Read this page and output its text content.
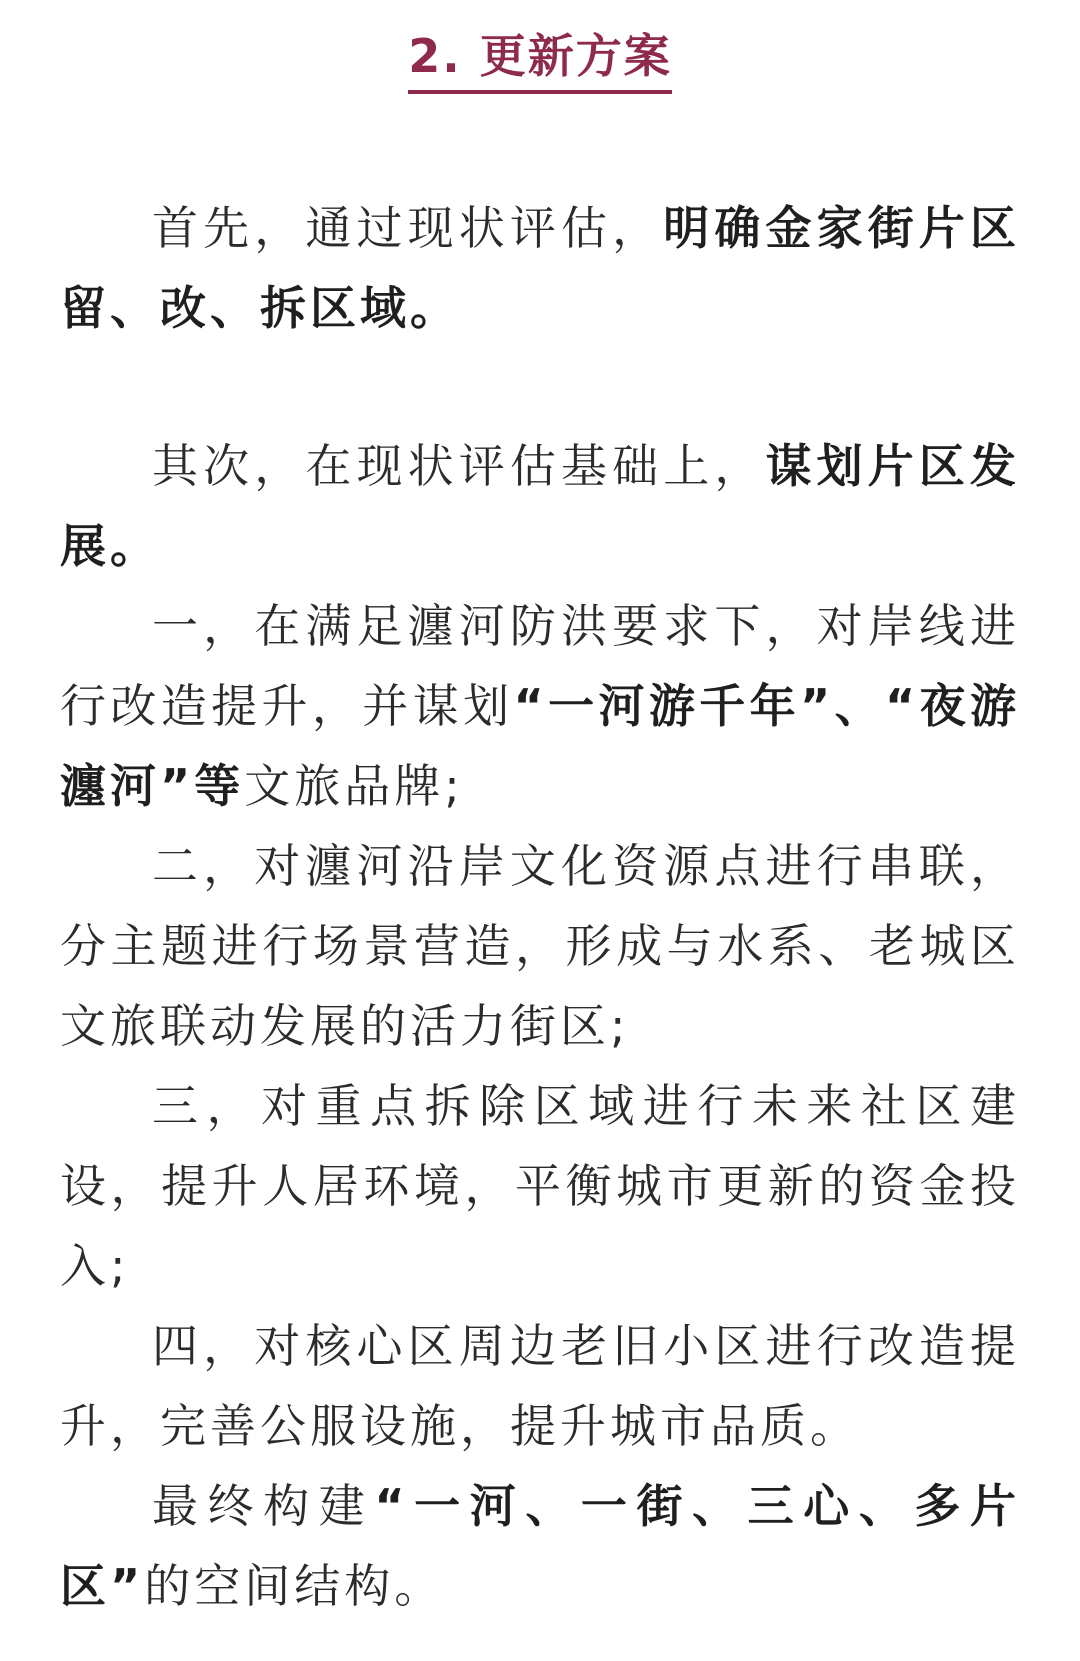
2. 更新方案

首先，通过现状评估，明确金家街片区留、改、拆区域。

其次，在现状评估基础上，谋划片区发展。

一，在满足瀍河防洪要求下，对岸线进行改造提升，并谋划“一河游千年”、“夜游瀍河”等文旅品牌;

二，对瀍河沿岸文化资源点进行串联，分主题进行场景营造，形成与水系、老城区文旅联动发展的活力街区;

三，对重点拆除区域进行未来社区建设，提升人居环境，平衡城市更新的资金投入;

四，对核心区周边老旧小区进行改造提升，完善公服设施，提升城市品质。

最终构建“一河、一街、三心、多片区”的空间结构。
